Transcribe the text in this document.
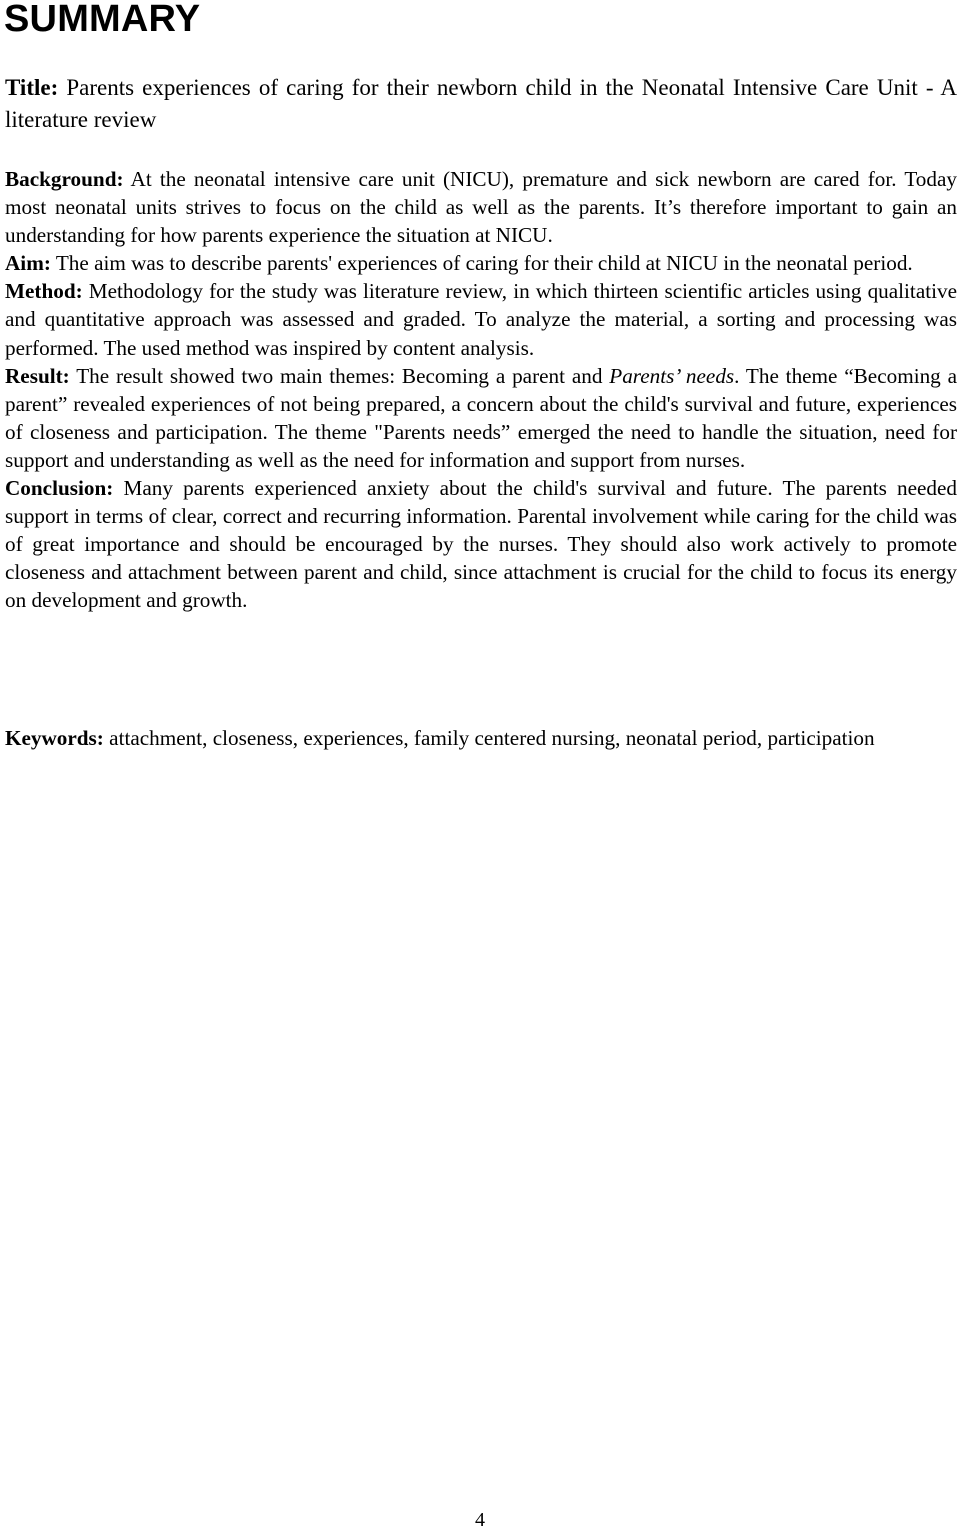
SUMMARY

Title: Parents experiences of caring for their newborn child in the Neonatal Intensive Care Unit - A literature review

Background: At the neonatal intensive care unit (NICU), premature and sick newborn are cared for. Today most neonatal units strives to focus on the child as well as the parents. It’s therefore important to gain an understanding for how parents experience the situation at NICU.

Aim: The aim was to describe parents' experiences of caring for their child at NICU in the neonatal period.

Method: Methodology for the study was literature review, in which thirteen scientific articles using qualitative and quantitative approach was assessed and graded. To analyze the material, a sorting and processing was performed. The used method was inspired by content analysis.

Result: The result showed two main themes: Becoming a parent and Parents’ needs. The theme “Becoming a parent” revealed experiences of not being prepared, a concern about the child's survival and future, experiences of closeness and participation. The theme "Parents needs” emerged the need to handle the situation, need for support and understanding as well as the need for information and support from nurses.

Conclusion: Many parents experienced anxiety about the child's survival and future. The parents needed support in terms of clear, correct and recurring information. Parental involvement while caring for the child was of great importance and should be encouraged by the nurses. They should also work actively to promote closeness and attachment between parent and child, since attachment is crucial for the child to focus its energy on development and growth.

Keywords: attachment, closeness, experiences, family centered nursing, neonatal period, participation

4
